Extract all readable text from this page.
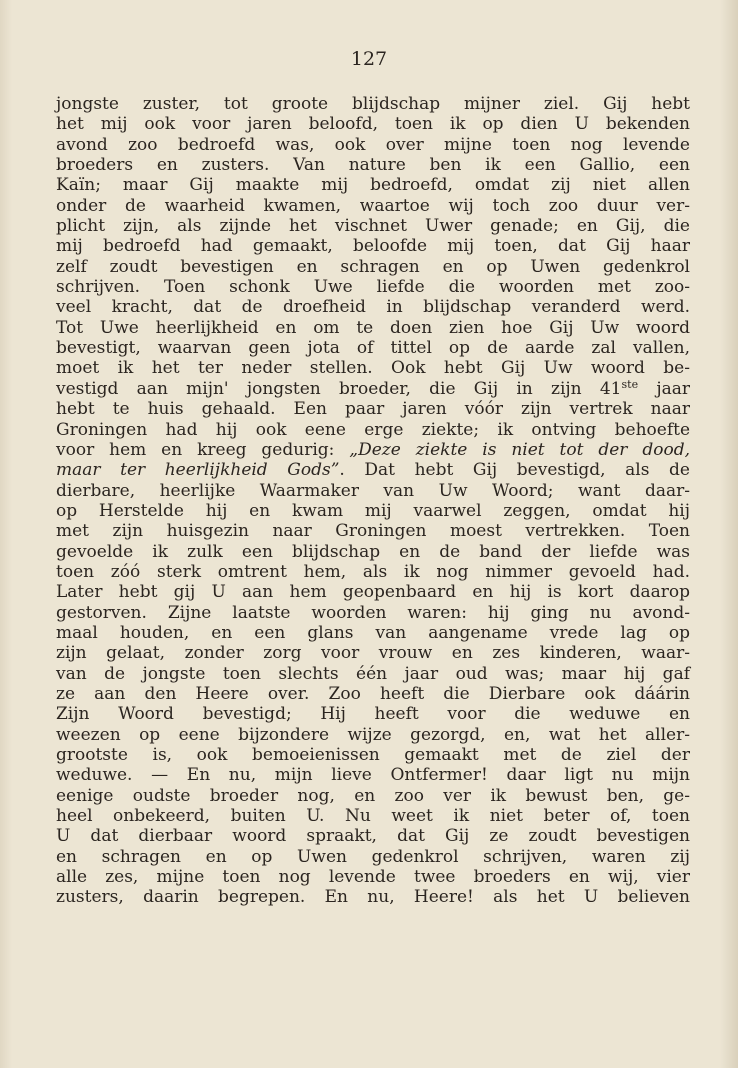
127
jongste zuster, tot groote blijdschap mijner ziel. Gij hebt
het mij ook voor jaren beloofd, toen ik op dien U bekenden
avond zoo bedroefd was, ook over mijne toen nog levende
broeders en zusters. Van nature ben ik een Gallio, een
Kaïn; maar Gij maakte mij bedroefd, omdat zij niet allen
onder de waarheid kwamen, waartoe wij toch zoo duur ver-
plicht zijn, als zijnde het vischnet Uwer genade; en Gij, die
mij bedroefd had gemaakt, beloofde mij toen, dat Gij haar
zelf zoudt bevestigen en schragen en op Uwen gedenkrol
schrijven. Toen schonk Uwe liefde die woorden met zoo-
veel kracht, dat de droefheid in blijdschap veranderd werd.
Tot Uwe heerlijkheid en om te doen zien hoe Gij Uw woord
bevestigt, waarvan geen jota of tittel op de aarde zal vallen,
moet ik het ter neder stellen. Ook hebt Gij Uw woord be-
vestigd aan mijn' jongsten broeder, die Gij in zijn 41ste jaar
hebt te huis gehaald. Een paar jaren vóór zijn vertrek naar
Groningen had hij ook eene erge ziekte; ik ontving behoefte
voor hem en kreeg gedurig: „Deze ziekte is niet tot der dood,
maar ter heerlijkheid Gods”. Dat hebt Gij bevestigd, als de
dierbare, heerlijke Waarmaker van Uw Woord; want daar-
op Herstelde hij en kwam mij vaarwel zeggen, omdat hij
met zijn huisgezin naar Groningen moest vertrekken. Toen
gevoelde ik zulk een blijdschap en de band der liefde was
toen zóó sterk omtrent hem, als ik nog nimmer gevoeld had.
Later hebt gij U aan hem geopenbaard en hij is kort daarop
gestorven. Zijne laatste woorden waren: hij ging nu avond-
maal houden, en een glans van aangename vrede lag op
zijn gelaat, zonder zorg voor vrouw en zes kinderen, waar-
van de jongste toen slechts één jaar oud was; maar hij gaf
ze aan den Heere over. Zoo heeft die Dierbare ook dáárin
Zijn Woord bevestigd; Hij heeft voor die weduwe en
weezen op eene bijzondere wijze gezorgd, en, wat het aller-
grootste is, ook bemoeienissen gemaakt met de ziel der
weduwe. — En nu, mijn lieve Ontfermer! daar ligt nu mijn
eenige oudste broeder nog, en zoo ver ik bewust ben, ge-
heel onbekeerd, buiten U. Nu weet ik niet beter of, toen
U dat dierbaar woord spraakt, dat Gij ze zoudt bevestigen
en schragen en op Uwen gedenkrol schrijven, waren zij
alle zes, mijne toen nog levende twee broeders en wij, vier
zusters, daarin begrepen. En nu, Heere! als het U believen
